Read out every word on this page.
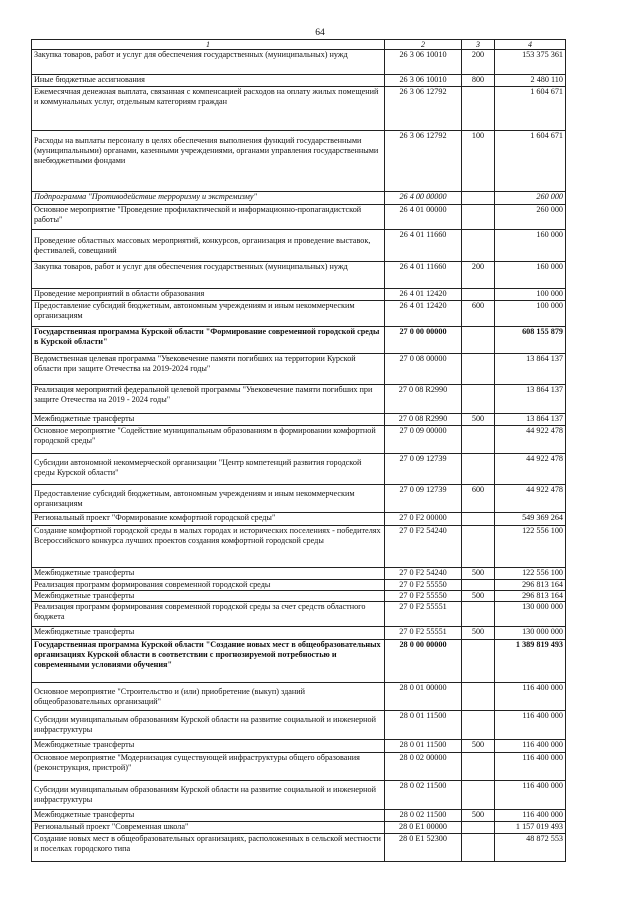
64
1	2	3	4
Закупка товаров, работ и услуг для обеспечения государственных (муниципальных) нужд	26 3 06 10010	200	153 375 361
Иные бюджетные ассигнования	26 3 06 10010	800	2 480 110
Ежемесячная денежная выплата, связанная с компенсацией расходов на оплату жилых помещений и коммунальных услуг, отдельным категориям граждан	26 3 06 12792		1 604 671
Расходы на выплаты персоналу в целях обеспечения выполнения функций государственными (муниципальными) органами, казенными учреждениями, органами управления государственными внебюджетными фондами	26 3 06 12792	100	1 604 671
Подпрограмма "Противодействие терроризму и экстремизму"	26 4 00 00000		260 000
Основное мероприятие "Проведение профилактической и информационно-пропагандистской работы"	26 4 01 00000		260 000
Проведение областных массовых мероприятий, конкурсов, организация и проведение выставок, фестивалей, совещаний	26 4 01 11660		160 000
Закупка товаров, работ и услуг для обеспечения государственных (муниципальных) нужд	26 4 01 11660	200	160 000
Проведение мероприятий в области образования	26 4 01 12420		100 000
Предоставление субсидий бюджетным, автономным учреждениям и иным некоммерческим организациям	26 4 01 12420	600	100 000
Государственная программа Курской области "Формирование современной городской среды в Курской области"	27 0 00 00000		608 155 879
Ведомственная целевая программа "Увековечение памяти погибших на территории Курской области при защите Отечества на 2019-2024 годы"	27 0 08 00000		13 864 137
Реализация мероприятий федеральной целевой программы "Увековечение памяти погибших при защите Отечества на 2019 - 2024 годы"	27 0 08 R2990		13 864 137
Межбюджетные трансферты	27 0 08 R2990	500	13 864 137
Основное мероприятие "Содействие муниципальным образованиям в формировании комфортной городской среды"	27 0 09 00000		44 922 478
Субсидии автономной некоммерческой организации "Центр компетенций развития городской среды Курской области"	27 0 09 12739		44 922 478
Предоставление субсидий бюджетным, автономным учреждениям и иным некоммерческим организациям	27 0 09 12739	600	44 922 478
Региональный проект "Формирование комфортной городской среды"	27 0 F2 00000		549 369 264
Создание комфортной городской среды в малых городах и исторических поселениях - победителях Всероссийского конкурса лучших проектов создания комфортной городской среды	27 0 F2 54240		122 556 100
Межбюджетные трансферты	27 0 F2 54240	500	122 556 100
Реализация программ формирования современной городской среды	27 0 F2 55550		296 813 164
Межбюджетные трансферты	27 0 F2 55550	500	296 813 164
Реализация программ формирования современной городской среды за счет средств областного бюджета	27 0 F2 55551		130 000 000
Межбюджетные трансферты	27 0 F2 55551	500	130 000 000
Государственная программа Курской области "Создание новых мест в общеобразовательных организациях Курской области в соответствии с прогнозируемой потребностью и современными условиями обучения"	28 0 00 00000		1 389 819 493
Основное мероприятие "Строительство и (или) приобретение (выкуп) зданий общеобразовательных организаций"	28 0 01 00000		116 400 000
Субсидии муниципальным образованиям Курской области на развитие социальной и инженерной инфраструктуры	28 0 01 11500		116 400 000
Межбюджетные трансферты	28 0 01 11500	500	116 400 000
Основное мероприятие "Модернизация существующей инфраструктуры общего образования (реконструкция, пристрой)"	28 0 02 00000		116 400 000
Субсидии муниципальным образованиям Курской области на развитие социальной и инженерной инфраструктуры	28 0 02 11500		116 400 000
Межбюджетные трансферты	28 0 02 11500	500	116 400 000
Региональный проект "Современная школа"	28 0 E1 00000		1 157 019 493
Создание новых мест в общеобразовательных организациях, расположенных в сельской местности и поселках городского типа	28 0 E1 52300		48 872 553
